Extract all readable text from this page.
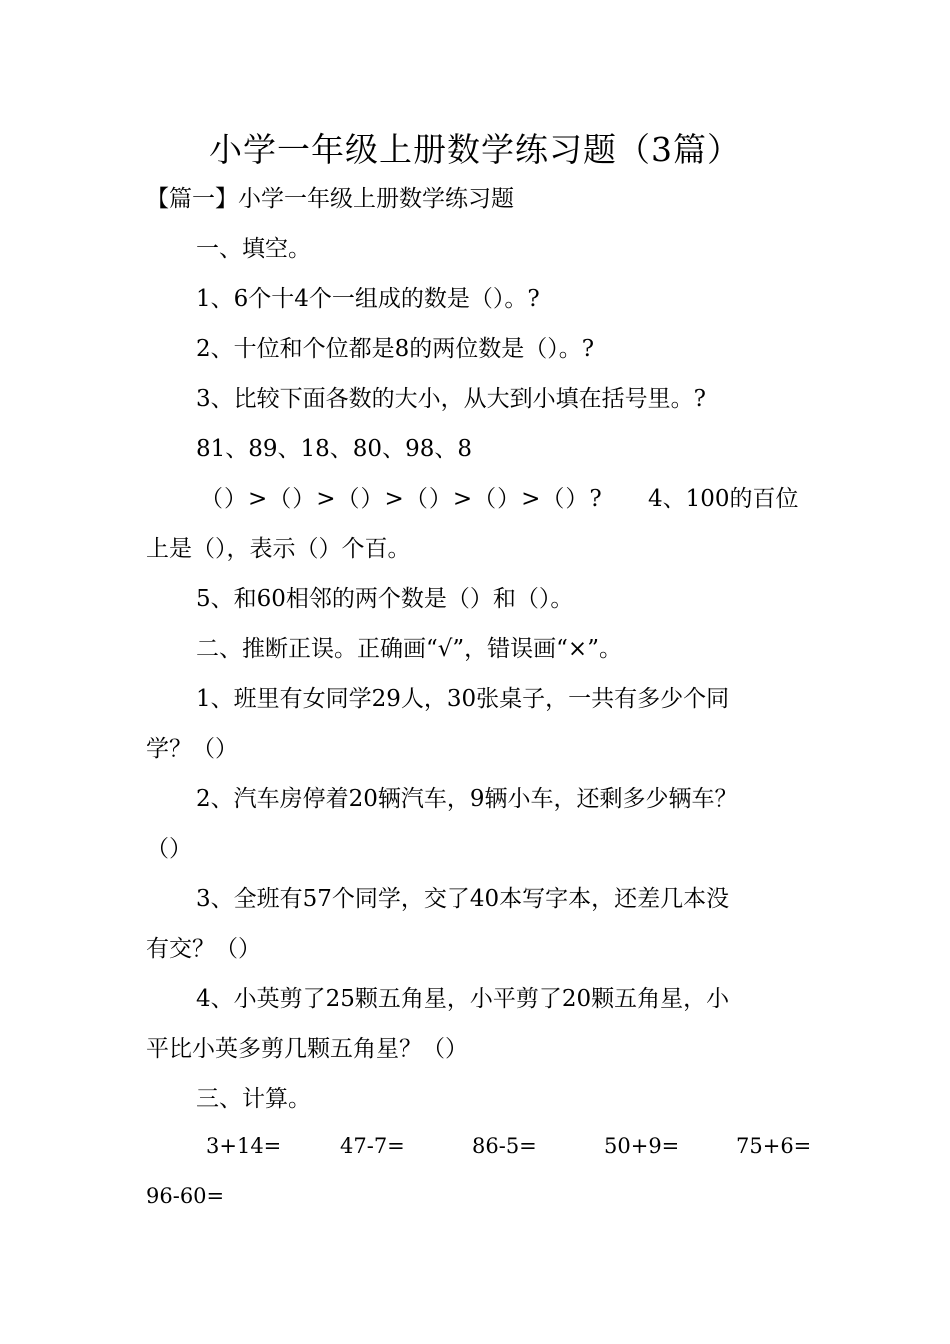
小学一年级上册数学练习题（3篇）
【篇一】小学一年级上册数学练习题
一、填空。
1、6个十4个一组成的数是（）。?
2、十位和个位都是8的两位数是（）。?
3、比较下面各数的大小，从大到小填在括号里。?
81、89、18、80、98、8
（）>（）>（）>（）>（）>（）? 4、100的百位
上是（），表示（）个百。
5、和60相邻的两个数是（）和（）。
二、推断正误。正确画“√”，错误画“×”。
1、班里有女同学29人，30张桌子，一共有多少个同
学？（）
2、汽车房停着20辆汽车，9辆小车，还剩多少辆车？
（）
3、全班有57个同学，交了40本写字本，还差几本没
有交？（）
4、小英剪了25颗五角星，小平剪了20颗五角星，小
平比小英多剪几颗五角星？（）
三、计算。
3+14=	47-7=	86-5=	50+9=	75+6=
96-60=
